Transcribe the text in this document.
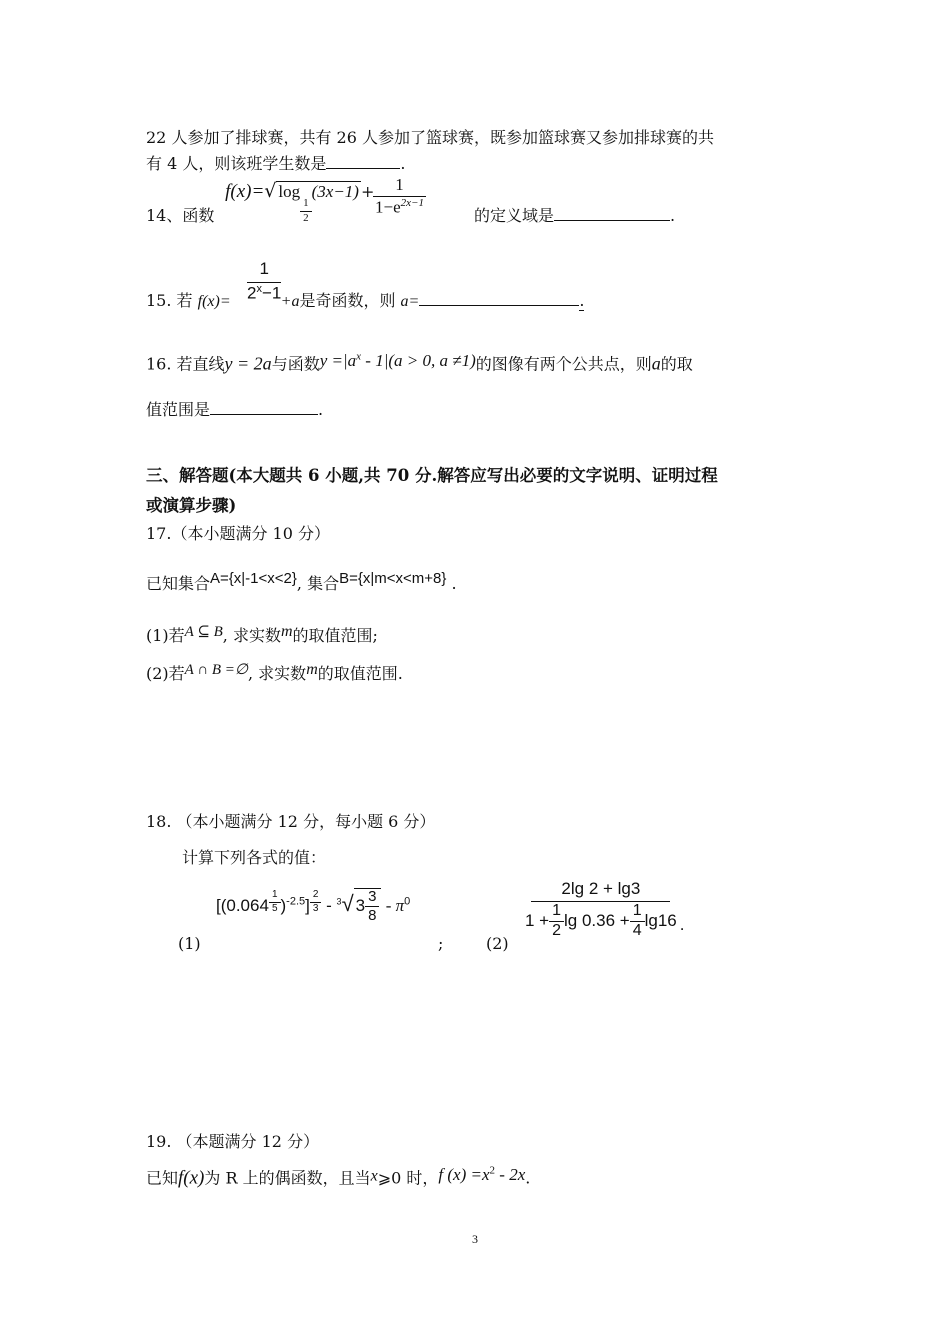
22 人参加了排球赛，共有 26 人参加了篮球赛，既参加篮球赛又参加排球赛的共
有 4 人，则该班学生数是	.
f(x)=√ log
$\frac{1}{2}$
(3x−1) +
$\frac{1}{1-e^{2x-1}}$
14、函数	的定义域是	.
$\frac{1}{2^x-1}$
15. 若 f(x)=	+a是奇函数，则 a=	.
16. 若直线y = 2a与函数$y =|a^x - 1|(a > 0$, a ≠1)的图像有两个公共点，则a的取
值范围是	.
三、解答题(本大题共 6 小题,共 70 分.解答应写出必要的文字说明、证明过程
或演算步骤)
17.（本小题满分 10 分）
已知集合A={x|-1<x<2}, 集合B={x|m<x<m+8} .
(1)若A ⊆ B, 求实数m的取值范围;
(2)若A ∩ B =∅, 求实数m的取值范围.
18. （本小题满分 12 分，每小题 6 分）
计算下列各式的值：
(1)
$[(0.064 \frac{1}{5} )^{-2.5}] \frac{2}{3} - ^3√$ $3 \frac{3}{8} - \pi^0$
;	(2)
$\frac{2\lg 2 + \lg 3}{1 + \frac{1}{2} \lg 0.36 + \frac{1}{4} \lg 16}$ .
19. （本题满分 12 分）
已知f(x)为 R 上的偶函数，且当x⩾0 时，f $(x) =x^2 - 2x$.
3
